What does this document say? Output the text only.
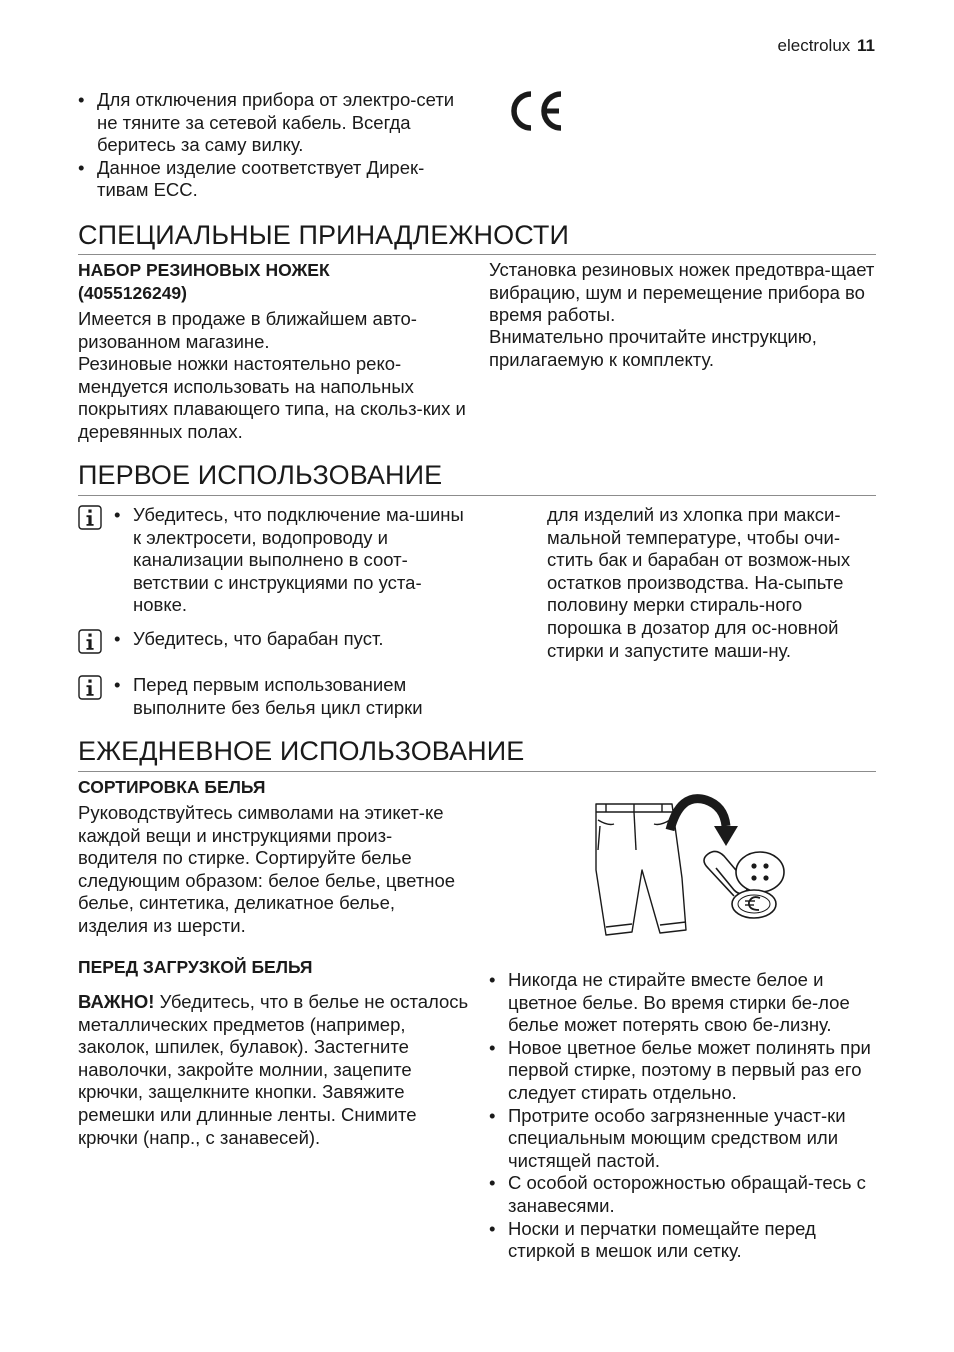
electrolux 11
• Для отключения прибора от электро-сети не тяните за сетевой кабель. Всегда беритесь за саму вилку.
• Данное изделие соответствует Дирек-тивам ЕСС.
СПЕЦИАЛЬНЫЕ ПРИНАДЛЕЖНОСТИ
НАБОР РЕЗИНОВЫХ НОЖЕК (4055126249)
Имеется в продаже в ближайшем авто-ризованном магазине.
Резиновые ножки настоятельно реко-мендуется использовать на напольных покрытиях плавающего типа, на скольз-ких и деревянных полах.
Установка резиновых ножек предотвра-щает вибрацию, шум и перемещение прибора во время работы.
Внимательно прочитайте инструкцию, прилагаемую к комплекту.
ПЕРВОЕ ИСПОЛЬЗОВАНИЕ
• Убедитесь, что подключение ма-шины к электросети, водопроводу и канализации выполнено в соот-ветствии с инструкциями по уста-новке.
• Убедитесь, что барабан пуст.
• Перед первым использованием выполните без белья цикл стирки
для изделий из хлопка при макси-мальной температуре, чтобы очи-стить бак и барабан от возмож-ных остатков производства. На-сыпьте половину мерки стираль-ного порошка в дозатор для ос-новной стирки и запустите маши-ну.
ЕЖЕДНЕВНОЕ ИСПОЛЬЗОВАНИЕ
СОРТИРОВКА БЕЛЬЯ
Руководствуйтесь символами на этикет-ке каждой вещи и инструкциями произ-водителя по стирке. Сортируйте белье следующим образом: белое белье, цветное белье, синтетика, деликатное белье, изделия из шерсти.
ПЕРЕД ЗАГРУЗКОЙ БЕЛЬЯ
ВАЖНО! Убедитесь, что в белье не осталось металлических предметов (например, заколок, шпилек, булавок). Застегните наволочки, закройте молнии, зацепите крючки, защелкните кнопки. Завяжите ремешки или длинные ленты. Снимите крючки (напр., с занавесей).
• Никогда не стирайте вместе белое и цветное белье. Во время стирки бе-лое белье может потерять свою бе-лизну.
• Новое цветное белье может полинять при первой стирке, поэтому в первый раз его следует стирать отдельно.
• Протрите особо загрязненные участ-ки специальным моющим средством или чистящей пастой.
• С особой осторожностью обращай-тесь с занавесями.
• Носки и перчатки помещайте перед стиркой в мешок или сетку.
